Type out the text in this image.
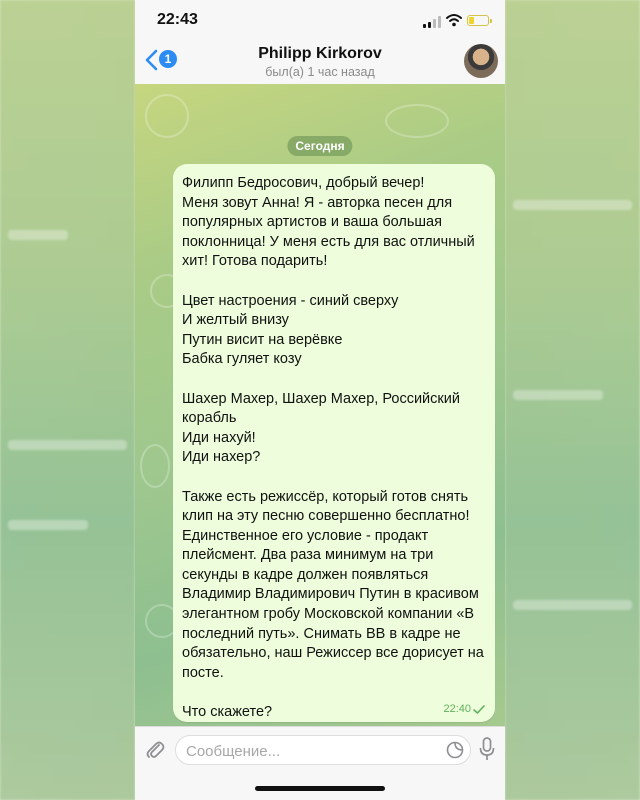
22:43
1	Philipp Kirkorov
был(а) 1 час назад
Сегодня
Филипп Бедросович, добрый вечер!
Меня зовут Анна! Я - авторка песен для популярных артистов и ваша большая поклонница! У меня есть для вас отличный хит! Готова подарить!

Цвет настроения - синий сверху
И желтый внизу
Путин висит на верёвке
Бабка гуляет козу

Шахер Махер, Шахер Махер, Российский корабль
Иди нахуй!
Иди нахер?

Также есть режиссёр, который готов снять клип на эту песню совершенно бесплатно! Единственное его условие - продакт плейсмент. Два раза минимум на три секунды в кадре должен появляться Владимир Владимирович Путин в красивом элегантном гробу Московской компании «В последний путь». Снимать ВВ в кадре не обязательно, наш Режиссер все дорисует на посте.

Что скажете?	22:40
Сообщение...
